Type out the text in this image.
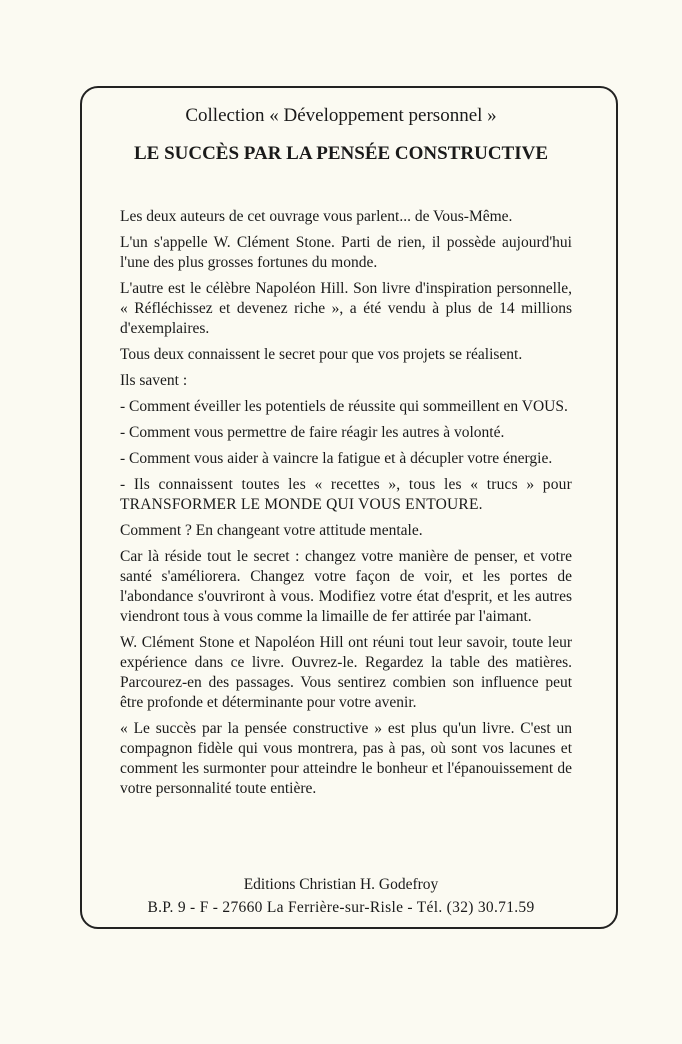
Collection « Développement personnel »
LE SUCCÈS PAR LA PENSÉE CONSTRUCTIVE

Les deux auteurs de cet ouvrage vous parlent... de Vous-Même.

L'un s'appelle W. Clément Stone. Parti de rien, il possède aujourd'hui l'une des plus grosses fortunes du monde.

L'autre est le célèbre Napoléon Hill. Son livre d'inspiration personnelle, « Réfléchissez et devenez riche », a été vendu à plus de 14 millions d'exemplaires.

Tous deux connaissent le secret pour que vos projets se réalisent.

Ils savent :

- Comment éveiller les potentiels de réussite qui sommeillent en VOUS.

- Comment vous permettre de faire réagir les autres à volonté.

- Comment vous aider à vaincre la fatigue et à décupler votre énergie.

- Ils connaissent toutes les « recettes », tous les « trucs » pour TRANSFORMER LE MONDE QUI VOUS ENTOURE.

Comment ? En changeant votre attitude mentale.

Car là réside tout le secret : changez votre manière de penser, et votre santé s'améliorera. Changez votre façon de voir, et les portes de l'abondance s'ouvriront à vous. Modifiez votre état d'esprit, et les autres viendront tous à vous comme la limaille de fer attirée par l'aimant.

W. Clément Stone et Napoléon Hill ont réuni tout leur savoir, toute leur expérience dans ce livre. Ouvrez-le. Regardez la table des matières. Parcourez-en des passages. Vous sentirez combien son influence peut être profonde et déterminante pour votre avenir.

« Le succès par la pensée constructive » est plus qu'un livre. C'est un compagnon fidèle qui vous montrera, pas à pas, où sont vos lacunes et comment les surmonter pour atteindre le bonheur et l'épanouissement de votre personnalité toute entière.

Editions Christian H. Godefroy
B.P. 9 - F - 27660 La Ferrière-sur-Risle - Tél. (32) 30.71.59
